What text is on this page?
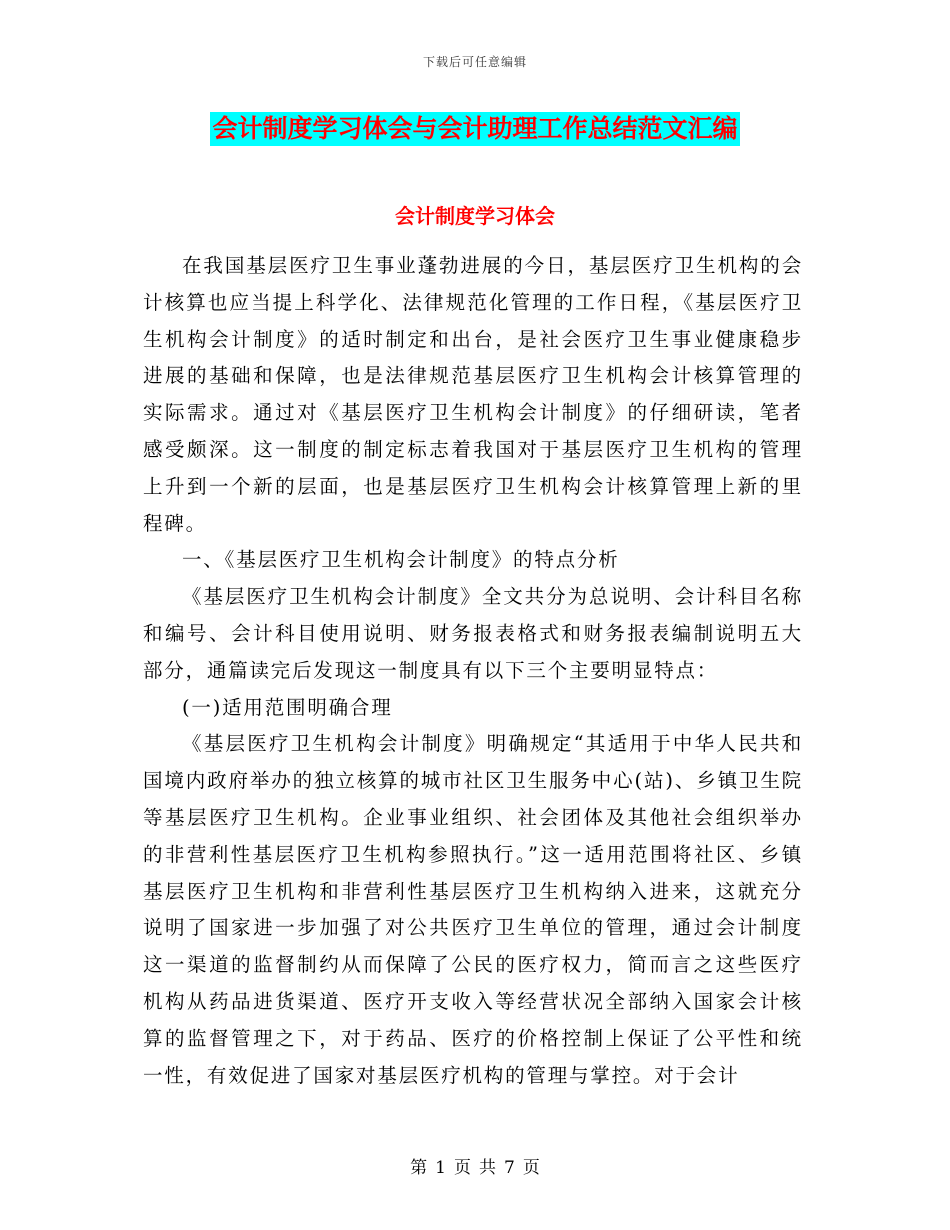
下载后可任意编辑
会计制度学习体会与会计助理工作总结范文汇编
会计制度学习体会

在我国基层医疗卫生事业蓬勃进展的今日，基层医疗卫生机构的会计核算也应当提上科学化、法律规范化管理的工作日程，《基层医疗卫生机构会计制度》的适时制定和出台，是社会医疗卫生事业健康稳步进展的基础和保障，也是法律规范基层医疗卫生机构会计核算管理的实际需求。通过对《基层医疗卫生机构会计制度》的仔细研读，笔者感受颇深。这一制度的制定标志着我国对于基层医疗卫生机构的管理上升到一个新的层面，也是基层医疗卫生机构会计核算管理上新的里程碑。

一、《基层医疗卫生机构会计制度》的特点分析

《基层医疗卫生机构会计制度》全文共分为总说明、会计科目名称和编号、会计科目使用说明、财务报表格式和财务报表编制说明五大部分，通篇读完后发现这一制度具有以下三个主要明显特点：

(一)适用范围明确合理

《基层医疗卫生机构会计制度》明确规定“其适用于中华人民共和国境内政府举办的独立核算的城市社区卫生服务中心(站)、乡镇卫生院等基层医疗卫生机构。企业事业组织、社会团体及其他社会组织举办的非营利性基层医疗卫生机构参照执行。”这一适用范围将社区、乡镇基层医疗卫生机构和非营利性基层医疗卫生机构纳入进来，这就充分说明了国家进一步加强了对公共医疗卫生单位的管理，通过会计制度这一渠道的监督制约从而保障了公民的医疗权力，简而言之这些医疗机构从药品进货渠道、医疗开支收入等经营状况全部纳入国家会计核算的监督管理之下，对于药品、医疗的价格控制上保证了公平性和统一性，有效促进了国家对基层医疗机构的管理与掌控。对于会计

第 1 页 共 7 页
